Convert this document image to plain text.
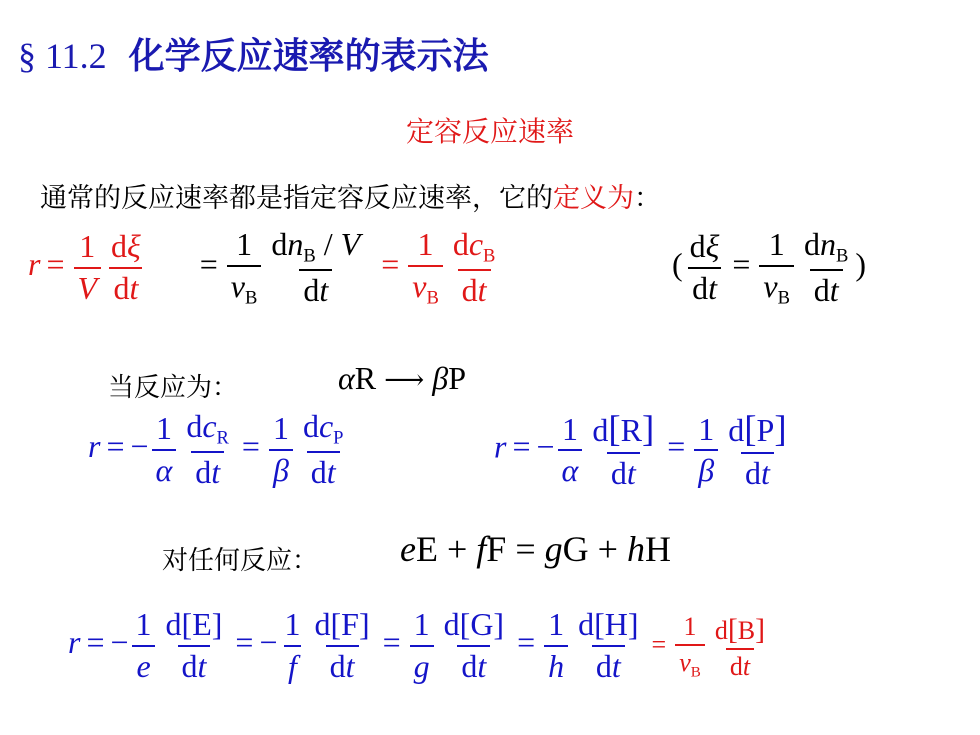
§ 11.2 化学反应速率的表示法
定容反应速率
通常的反应速率都是指定容反应速率，它的定义为：
$r = \frac{1}{V} \frac{d\xi}{dt} = \frac{1}{\nu_B} \frac{dn_B / V}{dt} = \frac{1}{\nu_B} \frac{dc_B}{dt}$	( $\frac{d\xi}{dt} = \frac{1}{\nu_B} \frac{dn_B}{dt}$ )
当反应为：	αR ⟶ βP
r = − $\frac{1}{\alpha} \frac{dc_R}{dt} = \frac{1}{\beta} \frac{dc_P}{dt}$	r = − $\frac{1}{\alpha} \frac{d[R]}{dt} = \frac{1}{\beta} \frac{d[P]}{dt}$
对任何反应： eE + fF = gG + hH
r = − $\frac{1}{e} \frac{d[E]}{dt}$ = − $\frac{1}{f} \frac{d[F]}{dt} = \frac{1}{g} \frac{d[G]}{dt} = \frac{1}{h} \frac{d[H]}{dt} = \frac{1}{\nu_B} \frac{d[B]}{dt}$
